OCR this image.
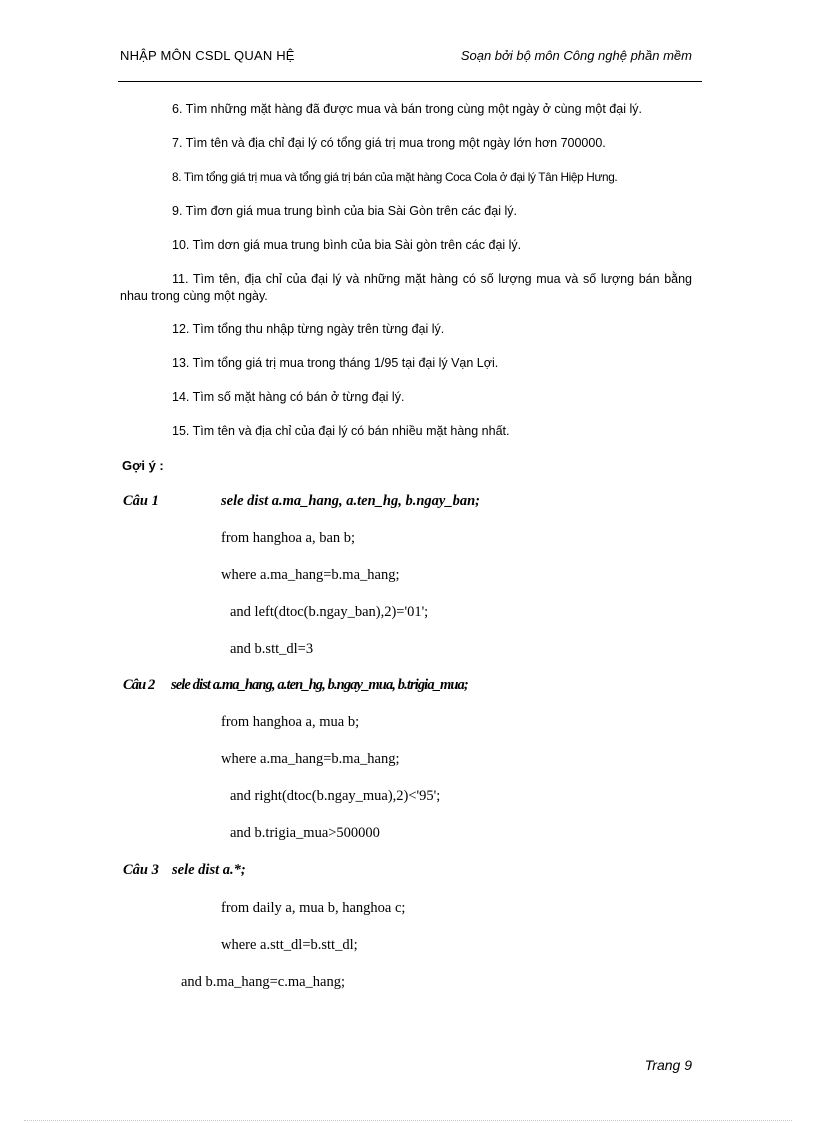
NHẬP MÔN CSDL QUAN HỆ	Soạn bởi bộ môn Công nghệ phần mềm
6. Tìm những mặt hàng đã được mua và bán trong cùng một ngày ở cùng một đại lý.
7. Tìm tên và địa chỉ đại lý có tổng giá trị mua trong một ngày lớn hơn 700000.
8. Tìm tổng giá trị mua và tổng giá trị bán của mặt hàng Coca Cola ở đại lý Tân Hiệp Hưng.
9. Tìm đơn giá mua trung bình của bia Sài Gòn trên các đại lý.
10. Tìm dơn giá mua trung bình của bia Sài gòn trên các đại lý.
11. Tìm tên, địa chỉ của đại lý và những mặt hàng có số lượng mua và số lượng bán bằng nhau trong cùng một ngày.
12. Tìm tổng thu nhập từng ngày trên từng đại lý.
13. Tìm tổng giá trị mua trong tháng 1/95 tại đại lý Vạn Lợi.
14. Tìm số mặt hàng có bán ở từng đại lý.
15. Tìm tên và địa chỉ của đại lý có bán nhiều mặt hàng nhất.
Gợi ý :
Câu 1	sele dist a.ma_hang, a.ten_hg, b.ngay_ban;
from hanghoa a, ban b;
where a.ma_hang=b.ma_hang;
and left(dtoc(b.ngay_ban),2)='01';
and b.stt_dl=3
Câu 2 sele dist a.ma_hang, a.ten_hg, b.ngay_mua, b.trigia_mua;
from hanghoa a, mua b;
where a.ma_hang=b.ma_hang;
and right(dtoc(b.ngay_mua),2)<'95';
and b.trigia_mua>500000
Câu 3 sele dist a.*;
from daily a, mua b, hanghoa c;
where a.stt_dl=b.stt_dl;
and b.ma_hang=c.ma_hang;
Trang 9
